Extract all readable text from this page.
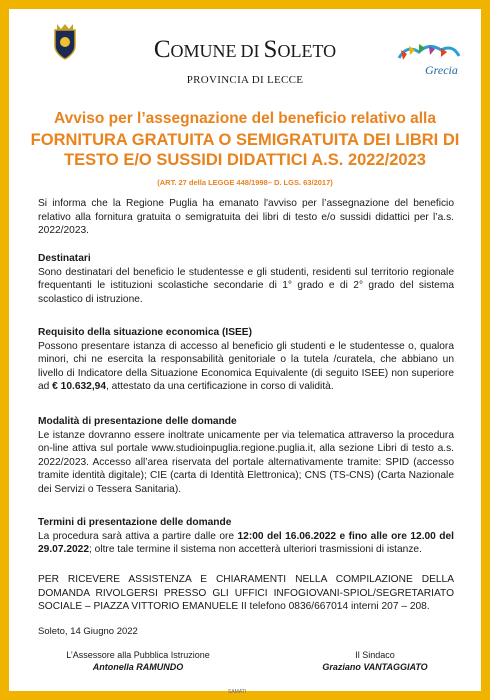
COMUNE DI SOLETO
PROVINCIA DI LECCE
Grecia
Avviso per l’assegnazione del beneficio relativo alla
FORNITURA GRATUITA O SEMIGRATUITA DEI LIBRI DI
TESTO E/O SUSSIDI DIDATTICI A.S. 2022/2023
(ART. 27 della LEGGE 448/1998– D. LGS. 63/2017)
Si informa che la Regione Puglia ha emanato l'avviso per l’assegnazione del beneficio relativo alla fornitura gratuita o semigratuita dei libri di testo e/o sussidi didattici per l’a.s. 2022/2023.
Destinatari
Sono destinatari del beneficio le studentesse e gli studenti, residenti sul territorio regionale frequentanti le istituzioni scolastiche secondarie di 1° grado e di 2° grado del sistema scolastico di istruzione.
Requisito della situazione economica (ISEE)
Possono presentare istanza di accesso al beneficio gli studenti e le studentesse o, qualora minori, chi ne esercita la responsabilità genitoriale o la tutela /curatela, che abbiano un livello di Indicatore della Situazione Economica Equivalente (di seguito ISEE) non superiore ad € 10.632,94, attestato da una certificazione in corso di validità.
Modalità di presentazione delle domande
Le istanze dovranno essere inoltrate unicamente per via telematica attraverso la procedura on-line attiva sul portale www.studioinpuglia.regione.puglia.it, alla sezione Libri di testo a.s. 2022/2023. Accesso all’area riservata del portale alternativamente tramite: SPID (accesso tramite identità digitale); CIE (carta di Identità Elettronica); CNS (TS-CNS) (Carta Nazionale dei Servizi o Tessera Sanitaria).
Termini di presentazione delle domande
La procedura sarà attiva a partire dalle ore 12:00 del 16.06.2022 e fino alle ore 12.00 del 29.07.2022; oltre tale termine il sistema non accetterà ulteriori trasmissioni di istanze.
PER RICEVERE ASSISTENZA E CHIARAMENTI NELLA COMPILAZIONE DELLA DOMANDA RIVOLGERSI PRESSO GLI UFFICI INFOGIOVANI-SPIOL/SEGRETARIATO SOCIALE – PIAZZA VITTORIO EMANUELE II telefono 0836/667014 interni 207 – 208.
Soleto, 14 Giugno 2022
L’Assessore alla Pubblica Istruzione
Antonella RAMUNDO
Il Sindaco
Graziano VANTAGGIATO
SAMATI
